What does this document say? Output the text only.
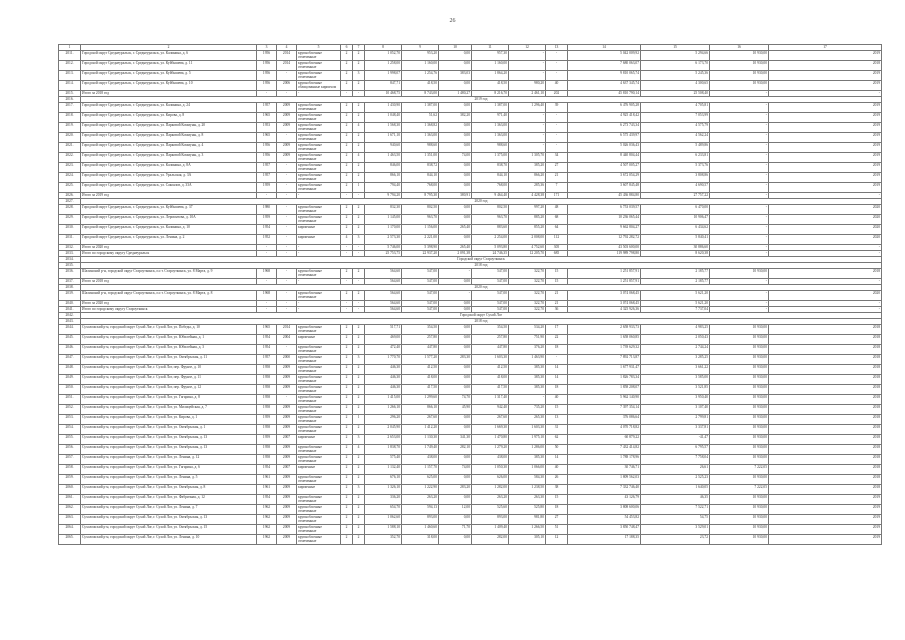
26
1	2	3	4	5	6	7	8	9	10	11	12	13	14	15	16	17
2011.	Городской округ Среднеуральск, г. Среднеуральск, ул. Калинина, д. 6	1956	2014	крупноблочные отмеченные	2	2	1 052,70	953,20	0,00	957,30	-	-	5 042 009,92	5 294,66	10 930,00	2019
2012.	Городской округ Среднеуральск, г. Среднеуральск, ул. Куйбышева, д. 11	1956	2014	крупноблочные отмеченные	2	2	1 258,00	1 160,00	0,00	1 160,00	-	-	7 680 063,07	6 173,70	10 930,00	2018
2013.	Городской округ Среднеуральск, г. Среднеуральск, ул. Куйбышева, д. 5	1956	-	крупноблочные отмеченные	2	3	1 998,07	1 254,76	383,03	1 864,20	-	-	9 810 065,74	5 245,36	10 930,00	2019
2014.	Городской округ Среднеуральск, г. Среднеуральск, ул. Куйбышева, д. 10	1956	2006	крупноблочные облицованные кирпичом	2	2	847,71	418,50	0,00	418,50	980,20	40	4 637 345,74	4 300,65	10 930,00	2019
2015.	Итого за 2018 год	-	-	-	-	-	10 468,75	8 743,00	1 480,27	8 216,70	2 461,10	202	45 810 790,14	25 508,40	-	-
2016.	2019 год															
2017.	Городской округ Среднеуральск, г. Среднеуральск, ул. Калинина, д. 24	1957	2009	крупноблочные отмеченные	2	2	1 430,90	1 387,00	0,00	1 387,00	1 296,40	39	6 476 905,28	4 705,81	-	2019
2018.	Городской округ Среднеуральск, г. Среднеуральск, ул. Кирова, д. 8	1965	2009	крупноблочные отмеченные	2	2	1 048,40	51,62	382,20	971,40	-	-	4 925 418,42	7 053,99	-	2019
2019.	Городской округ Среднеуральск, г. Среднеуральск, ул. Парковой Коммуны, д. 20	1953	2009	крупноблочные отмеченные	2	4	1 568,30	1 368,82	0,00	1 363,00	-	-	6 273 743,34	4 575,79	-	2019
2020.	Городской округ Среднеуральск, г. Среднеуральск, ул. Парковой Коммуны, д. 8	1965	-	крупноблочные отмеченные	2	2	1 671,10	1 363,00	0,00	1 363,00	-	-	6 575 439,97	4 562,24	-	2019
2021.	Городской округ Среднеуральск, г. Среднеуральск, ул. Парковой Коммуны, д. 4	1956	2009	крупноблочные отмеченные	2	2	940,60	988,60	0,00	988,60	-	-	5 026 036,43	5 489,86	-	2019
2022.	Городской округ Среднеуральск, г. Среднеуральск, ул. Парковой Коммуны, д. 3	1956	2009	крупноблочные отмеченные	2	4	1 463,50	1 351,00	74,00	1 375,00	1 305,70	34	8 440 804,44	6 233,81	-	2019
2023.	Городской округ Среднеуральск, г. Среднеуральск, ул. Калинина, д. 8А	1957	-	крупноблочные отмеченные	2	2	846,00	838,72	0,00	838,70	385,20	27	4 507 005,27	5 373,76	-	2019
2024.	Городской округ Среднеуральск, г. Среднеуральск, ул. Уральская, д. 3А	1957	-	крупноблочные отмеченные	2	2	866,10	844,10	0,00	844,10	866,20	21	3 672 054,29	3 808,86	-	2019
2025.	Городской округ Среднеуральск, г. Среднеуральск, ул. Сакоялов, д. 33А	1959	-	крупноблочные отмеченные	2	1	794,40	768,00	0,00	768,00	285,36	7	3 607 845,48	4 690,57	-	2019
2026.	Итого за 2019 год	-	-	-	-	-	9 794,20	8 795,30	380,91	9 464,40	4 428,38	171	45 436 884,80	27 757,22	-	-
2027.	2020 год															
2028.	Городской округ Среднеуральск, г. Среднеуральск, ул. Куйбышева, д. 37	1980	-	крупноблочные отмеченные	2	2	832,30	802,50	0,00	802,50	997,20	48	6 753 039,57	6 470,00	-	2020
2029.	Городской округ Среднеуральск, г. Среднеуральск, ул. Лермонтова, д. 10А	1959	-	крупноблочные отмеченные	2	2	1 145,00	963,70	0,00	963,70	885,20	68	10 236 065,44	10 906,47	-	2020
2030.	Городской округ Среднеуральск, г. Среднеуральск, ул. Калинина, д. 10	1954	-	кирпичные	2	2	1 170,00	1 156,00	265,40	883,60	855,20	64	9 662 804,27	6 434,62	-	2020
2031.	Городской округ Среднеуральск, г. Среднеуральск, ул. Ленина, д. 2	1952	-	кирпичные	4	3	2 573,30	2 221,00	0,00	2 254,00	2 008,00	112	12 792 282,72	5 840,41	-	2020
2032.	Итого за 2020 год	-	-	-	-	-	5 746,00	5 398,90	265,40	5 093,80	4 752,60	305	43 503 600,00	30 886,60	-	-
2033.	Итого по городскому округу Среднеуральск	-	-	-	-	-	25 753,75	22 937,20	2 091,38	24 746,35	12 205,70	685	119 989 798,80	8 620,38	-	-
2034.	Городской округ Староуткинск															
2035.	2018 год															
2036.	Шалинский р-н, городской округ Староуткинск, п.г.т. Староуткинск, ул. 8 Марта, д. 9	1968	-	крупноблочные отмеченные	2	2	564,60	547,00	-	547,00	322,70	15	1 251 857,91	2 185,77	10 930,00	2018
2037.	Итого за 2018 год	-	-	-	-	-	564,60	547,00	0,00	547,00	322,70	15	1 251 857,91	2 185,77	-	-
2038.	2020 год															
2039.	Шалинский р-н, городской округ Староуткинск, п.г.т. Староуткинск, ул. 8 Марта, д. 8	1968	-	крупноблочные отмеченные	2	2	564,60	547,00	-	547,00	322,70	21	3 074 068,45	5 621,20	-	2020
2040.	Итого за 2020 год	-	-	-	-	-	564,60	547,00	0,00	547,00	322,70	21	3 074 068,45	5 621,20	-	-
2041.	Итого по городскому округу Староуткинск	-	-	-	-	-	564,60	547,00	0,00	547,00	322,70	36	4 325 926,36	7 737,04	-	-
2042.	Городской округ Сухой Лог															
2043.	2018 год															
2044.	Сухоложский р-н, городской округ Сухой Лог, г. Сухой Лог, ул. Победы, д. 10	1965	2014	крупноблочные отмеченные	2	2	517,71	354,50	0,00	354,50	534,20	17	2 658 933,73	4 983,25	10 930,00	2018
2045.	Сухоложский р-н, городской округ Сухой Лог, г. Сухой Лог, ул. Юбилейная, д. 1	1954	2004	кирпичные	2	2	469,00	257,80	0,00	257,80	751,90	22	1 658 060,85	2 050,43	10 930,00	2018
2046.	Сухоложский р-н, городской округ Сухой Лог, г. Сухой Лог, ул. Юбилейная, д. 3	1954	-	крупноблочные отмеченные	2	2	472,40	447,80	0,00	447,80	376,20	18	1 739 629,32	2 744,24	10 930,00	2018
2047.	Сухоложский р-н, городской округ Сухой Лог, г. Сухой Лог, ул. Октябрьская, д. 11	1957	2000	крупноблочные отмеченные	2	3	1 770,70	1 577,20	283,30	1 603,30	1 463,90	-	7 892 713,87	3 285,25	10 930,00	2018
2048.	Сухоложский р-н, городской округ Сухой Лог, г. Сухой Лог, пер. Фрунзе, д. 10	1958	2009	крупноблочные отмеченные	2	2	446,30	412,50	0,00	412,50	385,30	14	1 677 931,47	3 661,22	10 930,00	2018
2049.	Сухоложский р-н, городской округ Сухой Лог, г. Сухой Лог, пер. Фрунзе, д. 11	1958	2009	крупноблочные отмеченные	2	2	446,30	418,00	0,00	418,00	385,30	14	1 826 783,34	3 585,00	10 930,00	2018
2050.	Сухоложский р-н, городской округ Сухой Лог, г. Сухой Лог, пер. Фрунзе, д. 12	1958	2009	крупноблочные отмеченные	2	2	446,30	417,50	0,00	417,50	385,30	18	1 858 208,07	3 521,85	10 930,00	2018
2051.	Сухоложский р-н, городской округ Сухой Лог, г. Сухой Лог, ул. Гагарина, д. 8	1958	-	крупноблочные отмеченные	2	2	1 415,00	1 299,60	74,70	1 317,40	-	40	5 962 140,90	3 950,40	10 930,00	2018
2052.	Сухоложский р-н, городской округ Сухой Лог, г. Сухой Лог, ул. Милицейская, д. 7	1958	2009	крупноблочные отмеченные	2	2	1 266,10	866,10	45,90	942,40	735,20	15	7 397 354,14	3 107,40	10 930,00	2018
2053.	Сухоложский р-н, городской округ Сухой Лог, г. Сухой Лог, ул. Кирова, д. 1	1959	2009	крупноблочные отмеченные	2	1	296,20	267,60	0,00	267,60	265,30	13	376 086,64	2 799,81	10 930,00	2018
2054.	Сухоложский р-н, городской округ Сухой Лог, г. Сухой Лог, ул. Октябрьская, д. 1	1958	2009	крупноблочные отмеченные	2	2	2 045,90	1 412,20	0,00	1 669,30	1 603,30	31	4 070 718,82	3 337,81	10 930,00	2018
2055.	Сухоложский р-н, городской округ Сухой Лог, г. Сухой Лог, ул. Октябрьская, д. 13	1959	2007	кирпичные	2	3	2 653,00	1 130,30	341,30	1 470,80	1 975,10	62	60 879,22	-41,47	10 930,00	2018
2056.	Сухоложский р-н, городской округ Сухой Лог, г. Сухой Лог, ул. Октябрьская, д. 13	1958	2009	крупноблочные отмеченные	2	4	1 838,70	1 749,40	282,10	1 279,20	1 286,00	50	7 432 414,82	6 795,57	10 930,00	2018
2057.	Сухоложский р-н, городской округ Сухой Лог, г. Сухой Лог, ул. Ленина, д. 12	1958	2009	крупноблочные отмеченные	2	2	575,40	438,00	0,00	438,00	385,30	14	1 788 178,96	7 758,04	10 930,00	2018
2058.	Сухоложский р-н, городской округ Сухой Лог, г. Сухой Лог, ул. Гагарина, д. 6	1954	2007	кирпичные	2	2	1 132,40	1 157,70	74,00	1 050,30	1 066,00	40	30 746,71	26,61	7 222,05	2018
2059.	Сухоложский р-н, городской округ Сухой Лог, г. Сухой Лог, ул. Ленина, д. 5	1961	2009	крупноблочные отмеченные	2	2	676,10	625,00	0,00	626,00	584,30	26	1 809 562,03	2 525,23	10 930,00	2018
2060.	Сухоложский р-н, городской округ Сухой Лог, г. Сухой Лог, ул. Октябрьская, д. 8	1961	2009	кирпичные	2	3	1 326,10	1 222,90	283,20	1 282,00	1 238,50	38	7 332 746,40	1 640,05	7 222,05	2018
2061.	Сухоложский р-н, городской округ Сухой Лог, г. Сухой Лог, ул. Фабричная, д. 12	1954	2009	крупноблочные отмеченные	2	2	336,20	263,20	0,00	263,20	263,30	15	43 126,79	46,35	10 930,00	2019
2062.	Сухоложский р-н, городской округ Сухой Лог, г. Сухой Лог, ул. Ленина, д. 7	1962	2009	крупноблочные отмеченные	2	2	654,70	594,13	12,00	525,60	525,80	18	3 808 600,06	7 522,71	10 930,00	2019
2063.	Сухоложский р-н, городской округ Сухой Лог, г. Сухой Лог, ул. Октябрьская, д. 13	1962	2009	крупноблочные отмеченные	2	2	1 062,60	893,00	0,00	893,00	981,80	27	54 453,82	54,75	10 930,00	2019
2064.	Сухоложский р-н, городской округ Сухой Лог, г. Сухой Лог, ул. Октябрьская, д. 15	1962	2009	крупноблочные отмеченные	2	2	1 588,10	1 460,60	71,70	1 409,40	1 266,50	51	3 850 748,47	3 529,01	10 930,00	2019
2065.	Сухоложский р-н, городской округ Сухой Лог, г. Сухой Лог, ул. Ленина, д. 10	1962	2009	крупноблочные отмеченные	2	2	352,70	318,00	0,00	282,00	305,10	12	17 188,35	23,72	10 930,00	2019
